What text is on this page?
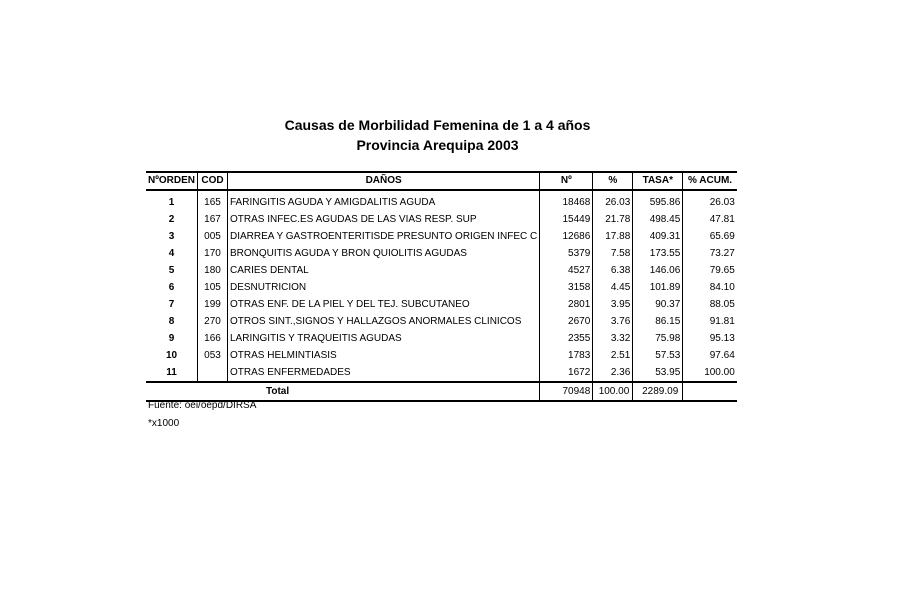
Causas de Morbilidad Femenina de 1 a 4 años
Provincia Arequipa 2003
NºORDEN	COD	DAÑOS	Nº	%	TASA*	% ACUM.
1	165	FARINGITIS AGUDA Y AMIGDALITIS AGUDA	18468	26.03	595.86	26.03
2	167	OTRAS INFEC.ES AGUDAS DE LAS VIAS RESP. SUP	15449	21.78	498.45	47.81
3	005	DIARREA Y GASTROENTERITISDE PRESUNTO ORIGEN INFEC C	12686	17.88	409.31	65.69
4	170	BRONQUITIS AGUDA Y BRON QUIOLITIS AGUDAS	5379	7.58	173.55	73.27
5	180	CARIES DENTAL	4527	6.38	146.06	79.65
6	105	DESNUTRICION	3158	4.45	101.89	84.10
7	199	OTRAS ENF. DE LA PIEL Y DEL TEJ. SUBCUTANEO	2801	3.95	90.37	88.05
8	270	OTROS SINT.,SIGNOS Y HALLAZGOS ANORMALES CLINICOS	2670	3.76	86.15	91.81
9	166	LARINGITIS Y TRAQUEITIS AGUDAS	2355	3.32	75.98	95.13
10	053	OTRAS HELMINTIASIS	1783	2.51	57.53	97.64
11		OTRAS ENFERMEDADES	1672	2.36	53.95	100.00
Total			70948	100.00	2289.09	
Fuente: oei/oepd/DIRSA
*x1000
